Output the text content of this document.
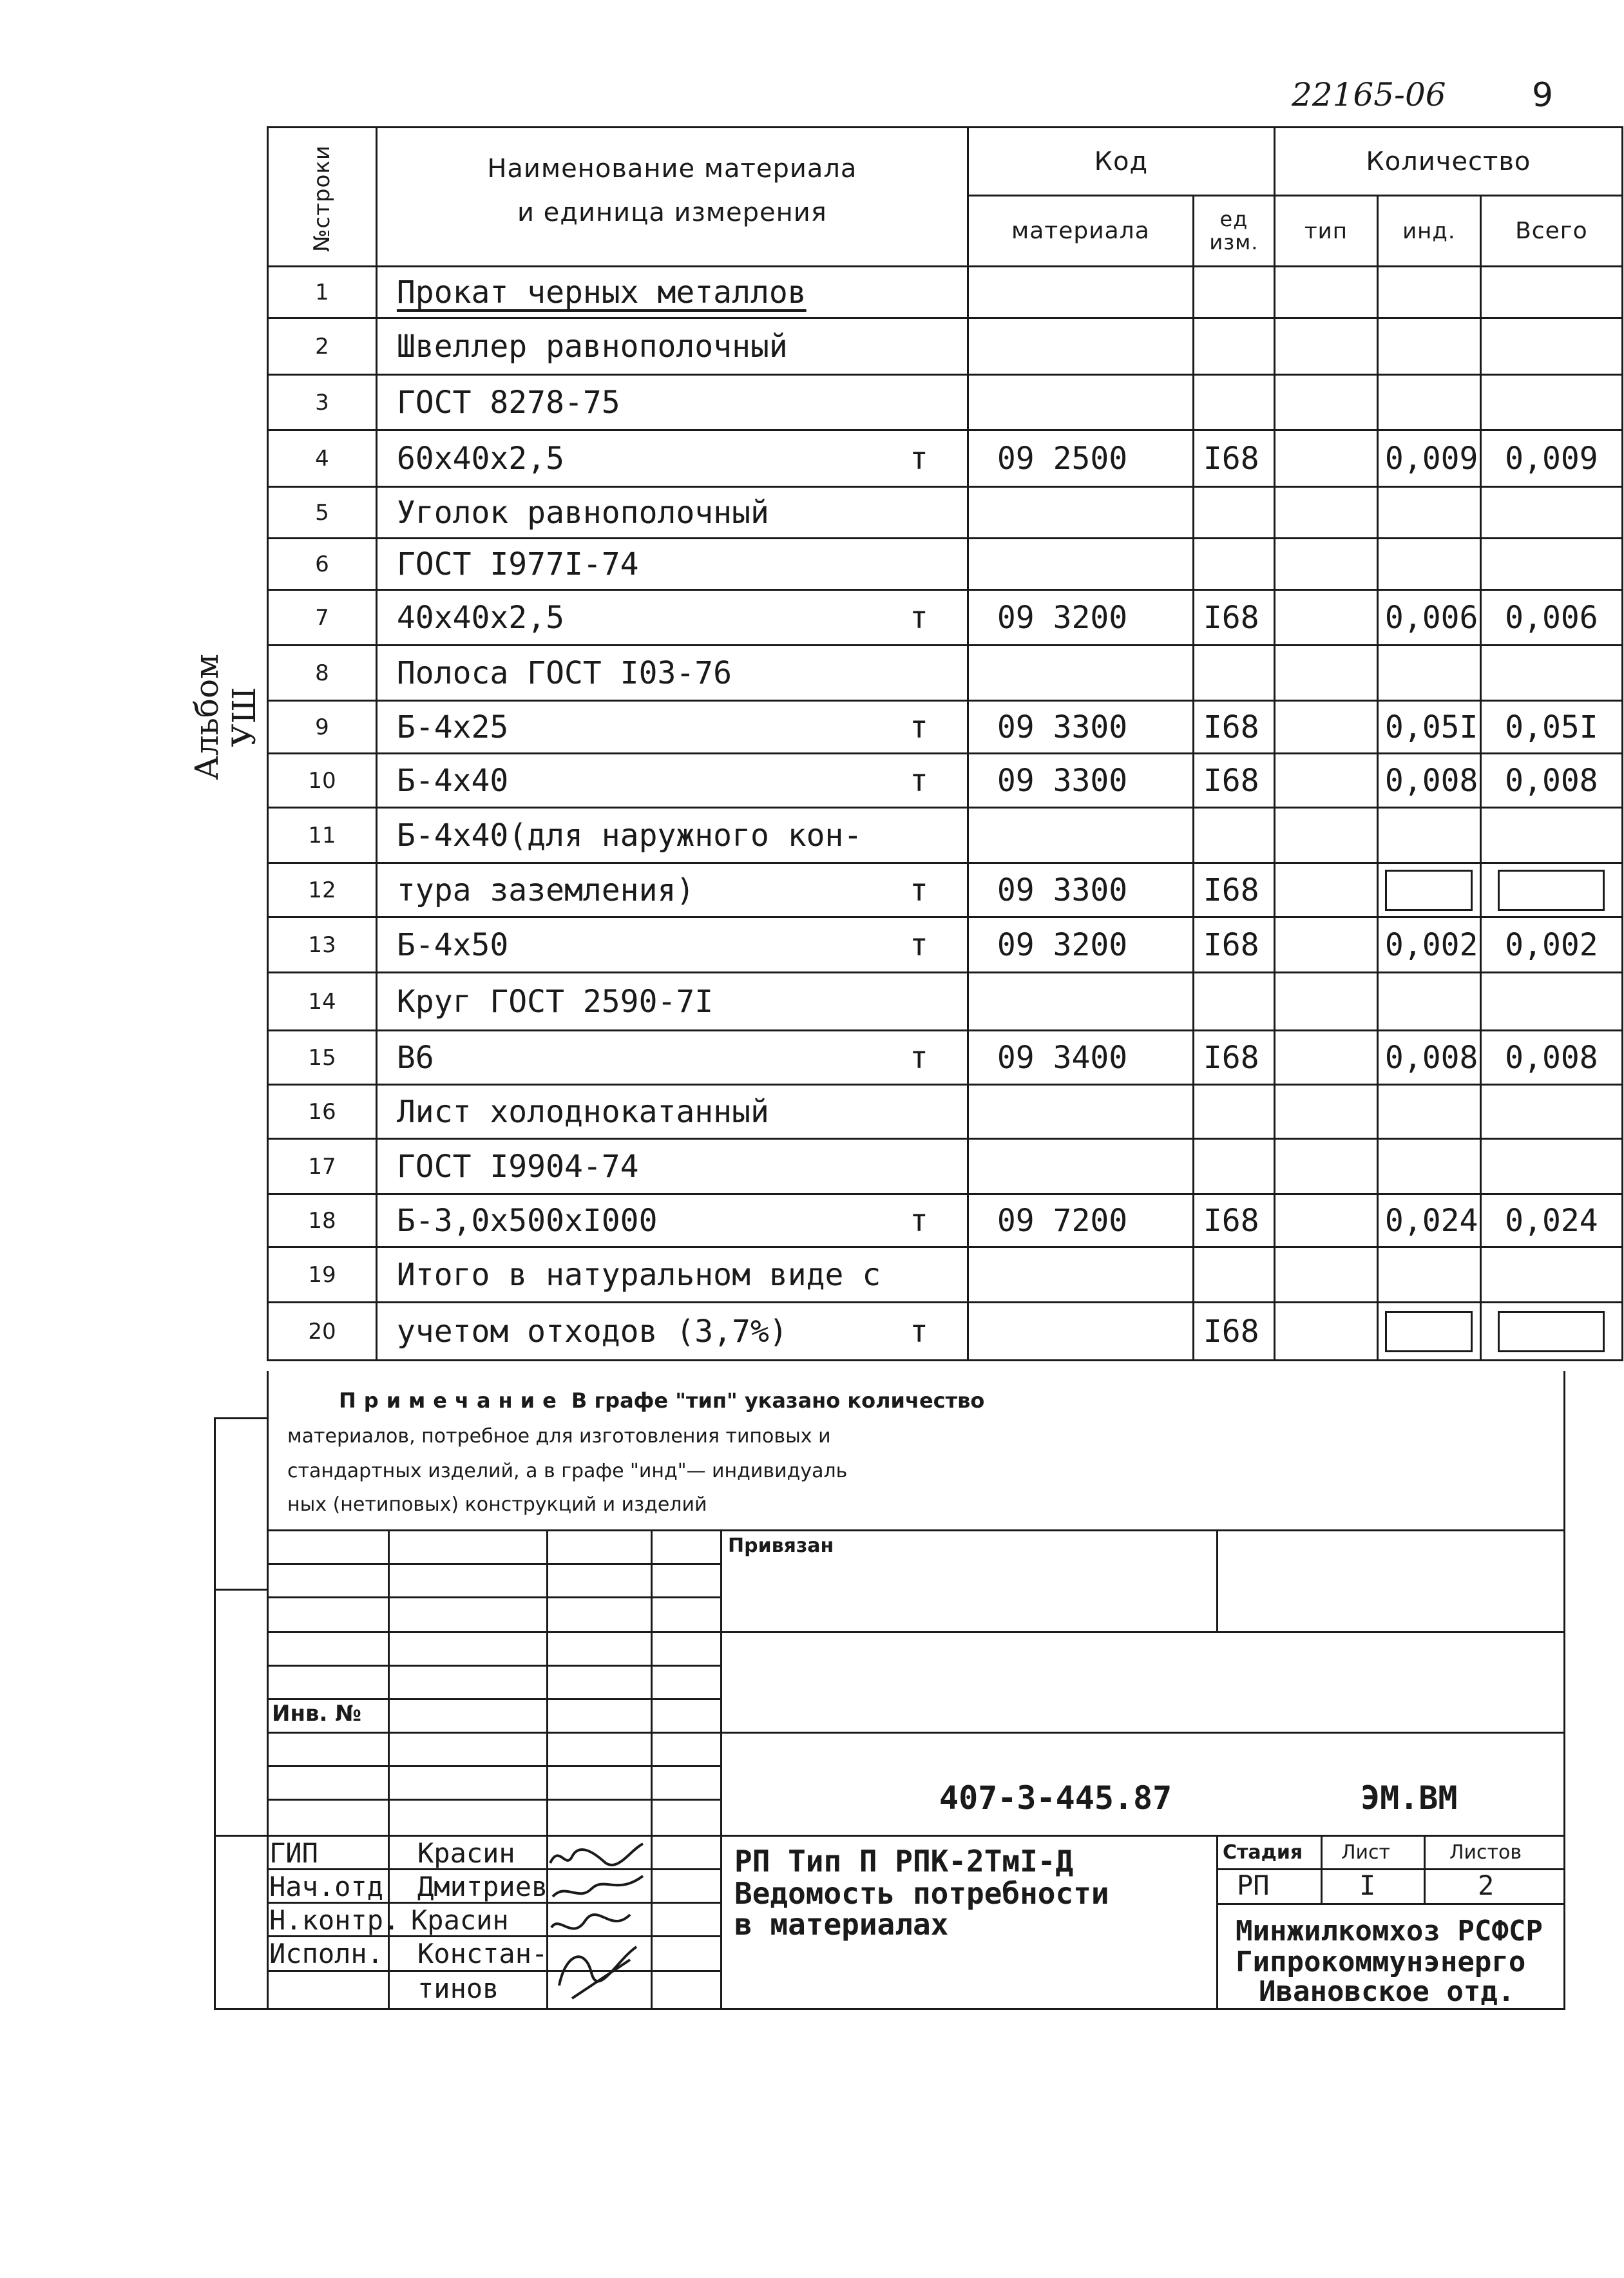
22165-06	9
Альбом УШ
№строки	Наименование материала
и единица измерения	Код		Количество		
		материала	ед изм.	тип	инд.	Всего
1	Прокат черных металлов

2	Швеллер равнополочный

3	ГОСТ 8278-75

4	60х40х2,5 т	09 2500	I68		0,009	0,009
5	Уголок равнополочный

6	ГОСТ I977I-74

7	40х40х2,5 т	09 3200	I68		0,006	0,006
8	Полоса ГОСТ I03-76

9	Б-4х25 т	09 3300	I68		0,05I	0,05I
10	Б-4х40 т	09 3300	I68		0,008	0,008
11	Б-4х40(для наружного кон-

12	тура заземления) т	09 3300	I68			
13	Б-4х50 т	09 3200	I68		0,002	0,002
14	Круг ГОСТ 2590-7I

15	В6 т	09 3400	I68		0,008	0,008
16	Лист холоднокатанный

17	ГОСТ I9904-74

18	Б-3,0х500хI000 т	09 7200	I68		0,024	0,024
19	Итого в натуральном виде с

20	учетом отходов (3,7%) т		I68			
Примечание В графе "тип" указано количество
материалов, потребное для изготовления типовых и
стандартных изделий, а в графе "инд"— индивидуаль
ных (нетиповых) конструкций и изделий
Привязан
Инв. №
407-3-445.87	ЭМ.ВМ
РП Тип П РПК-2ТмI-Д
Ведомость потребности
в материалах
Стадия Лист	Листов
РП	I	2
Минжилкомхоз РСФСР
Гипрокоммунэнерго
Ивановское отд.
ГИП	Красин
Нач.отд Дмитриев
Н.контр. Красин
Исполн. Констан-
тинов
